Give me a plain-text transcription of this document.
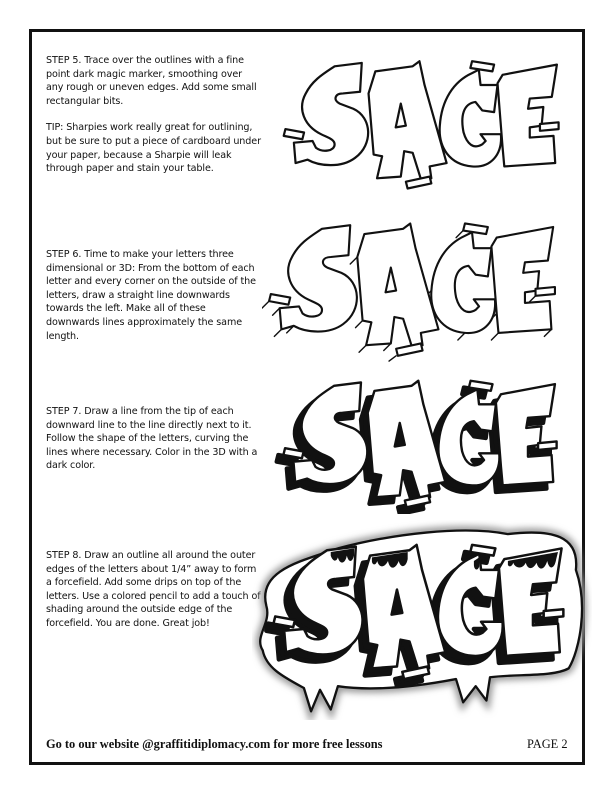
STEP 5. Trace over the outlines with a fine point dark magic marker, smoothing over any rough or uneven edges. Add some small rectangular bits.

TIP: Sharpies work really great for outlining, but be sure to put a piece of cardboard under your paper, because a Sharpie will leak through paper and stain your table.

STEP 6. Time to make your letters three dimensional or 3D: From the bottom of each letter and every corner on the outside of the letters, draw a straight line downwards towards the left. Make all of these downwards lines approximately the same length.

STEP 7. Draw a line from the tip of each downward line to the line directly next to it. Follow the shape of the letters, curving the lines where necessary. Color in the 3D with a dark color.

STEP 8. Draw an outline all around the outer edges of the letters about 1/4” away to form a forcefield. Add some drips on top of the letters. Use a colored pencil to add a touch of shading around the outside edge of the forcefield. You are done. Great job!

Go to our website @graffitidiplomacy.com for more free lessons	PAGE 2
